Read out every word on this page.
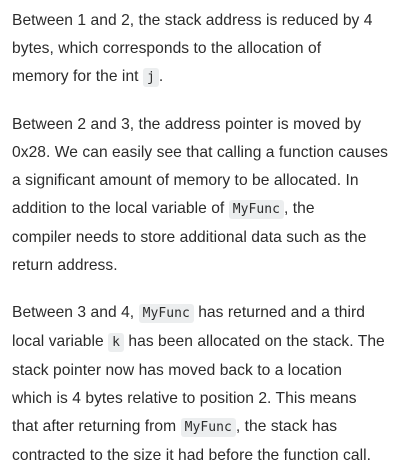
Between 1 and 2, the stack address is reduced by 4
bytes, which corresponds to the allocation of
memory for the int j .

Between 2 and 3, the address pointer is moved by
0x28. We can easily see that calling a function causes
a significant amount of memory to be allocated. In
addition to the local variable of MyFunc , the
compiler needs to store additional data such as the
return address.

Between 3 and 4, MyFunc has returned and a third
local variable k has been allocated on the stack. The
stack pointer now has moved back to a location
which is 4 bytes relative to position 2. This means
that after returning from MyFunc , the stack has
contracted to the size it had before the function call.
